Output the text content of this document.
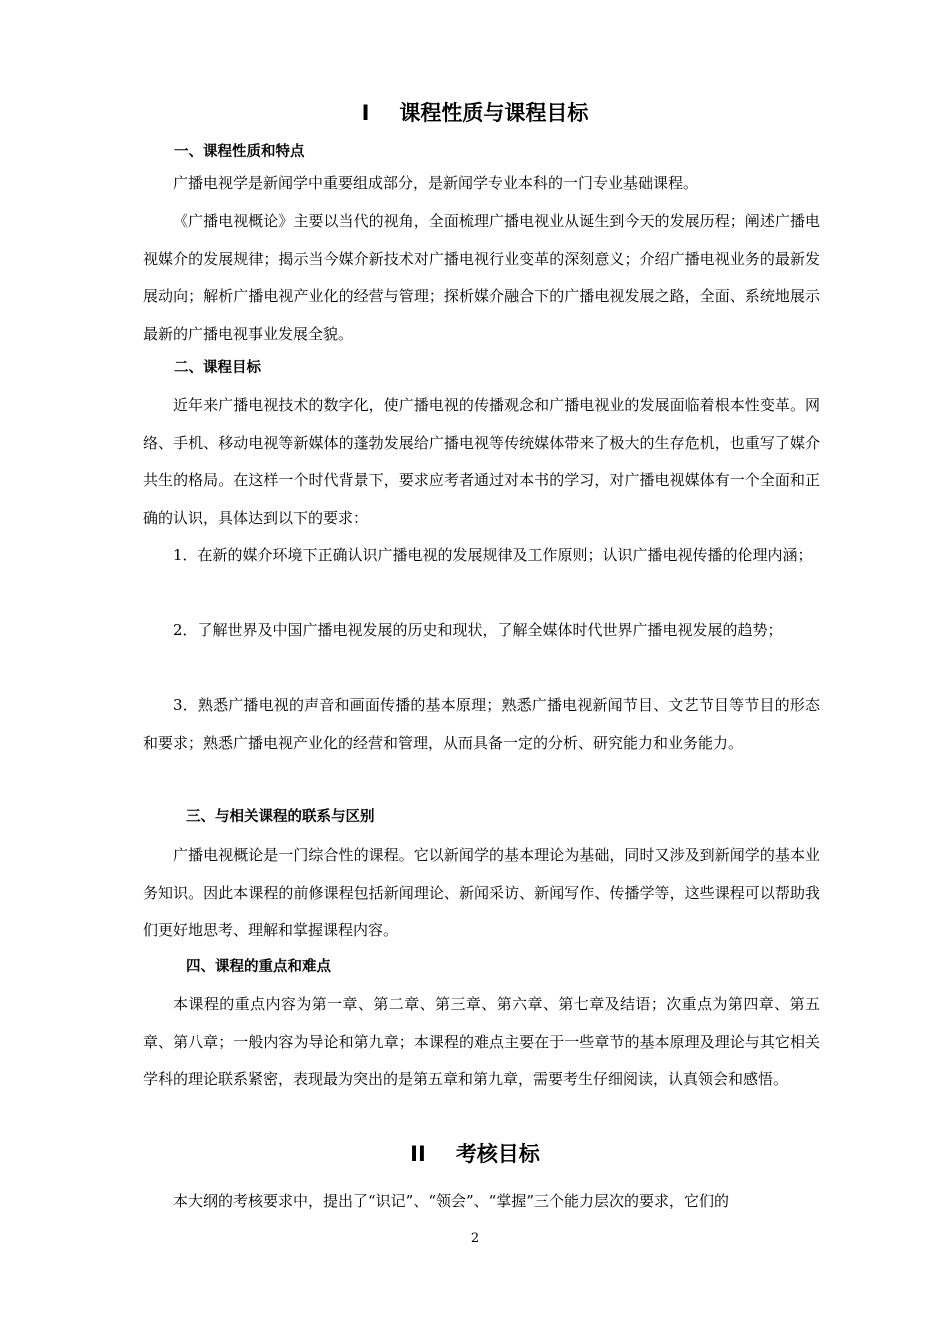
I 课程性质与课程目标
一、课程性质和特点

广播电视学是新闻学中重要组成部分，是新闻学专业本科的一门专业基础课程。

《广播电视概论》主要以当代的视角，全面梳理广播电视业从诞生到今天的发展历程；阐述广播电视媒介的发展规律；揭示当今媒介新技术对广播电视行业变革的深刻意义；介绍广播电视业务的最新发展动向；解析广播电视产业化的经营与管理；探析媒介融合下的广播电视发展之路，全面、系统地展示最新的广播电视事业发展全貌。

二、课程目标

近年来广播电视技术的数字化，使广播电视的传播观念和广播电视业的发展面临着根本性变革。网络、手机、移动电视等新媒体的蓬勃发展给广播电视等传统媒体带来了极大的生存危机，也重写了媒介共生的格局。在这样一个时代背景下，要求应考者通过对本书的学习，对广播电视媒体有一个全面和正确的认识，具体达到以下的要求：

1．在新的媒介环境下正确认识广播电视的发展规律及工作原则；认识广播电视传播的伦理内涵；

2．了解世界及中国广播电视发展的历史和现状，了解全媒体时代世界广播电视发展的趋势；

3．熟悉广播电视的声音和画面传播的基本原理；熟悉广播电视新闻节目、文艺节目等节目的形态和要求；熟悉广播电视产业化的经营和管理，从而具备一定的分析、研究能力和业务能力。

三、与相关课程的联系与区别

广播电视概论是一门综合性的课程。它以新闻学的基本理论为基础，同时又涉及到新闻学的基本业务知识。因此本课程的前修课程包括新闻理论、新闻采访、新闻写作、传播学等，这些课程可以帮助我们更好地思考、理解和掌握课程内容。

四、课程的重点和难点

本课程的重点内容为第一章、第二章、第三章、第六章、第七章及结语；次重点为第四章、第五章、第八章；一般内容为导论和第九章；本课程的难点主要在于一些章节的基本原理及理论与其它相关学科的理论联系紧密，表现最为突出的是第五章和第九章，需要考生仔细阅读，认真领会和感悟。

II 考核目标

本大纲的考核要求中，提出了“识记”、“领会”、“掌握”三个能力层次的要求，它们的

2
